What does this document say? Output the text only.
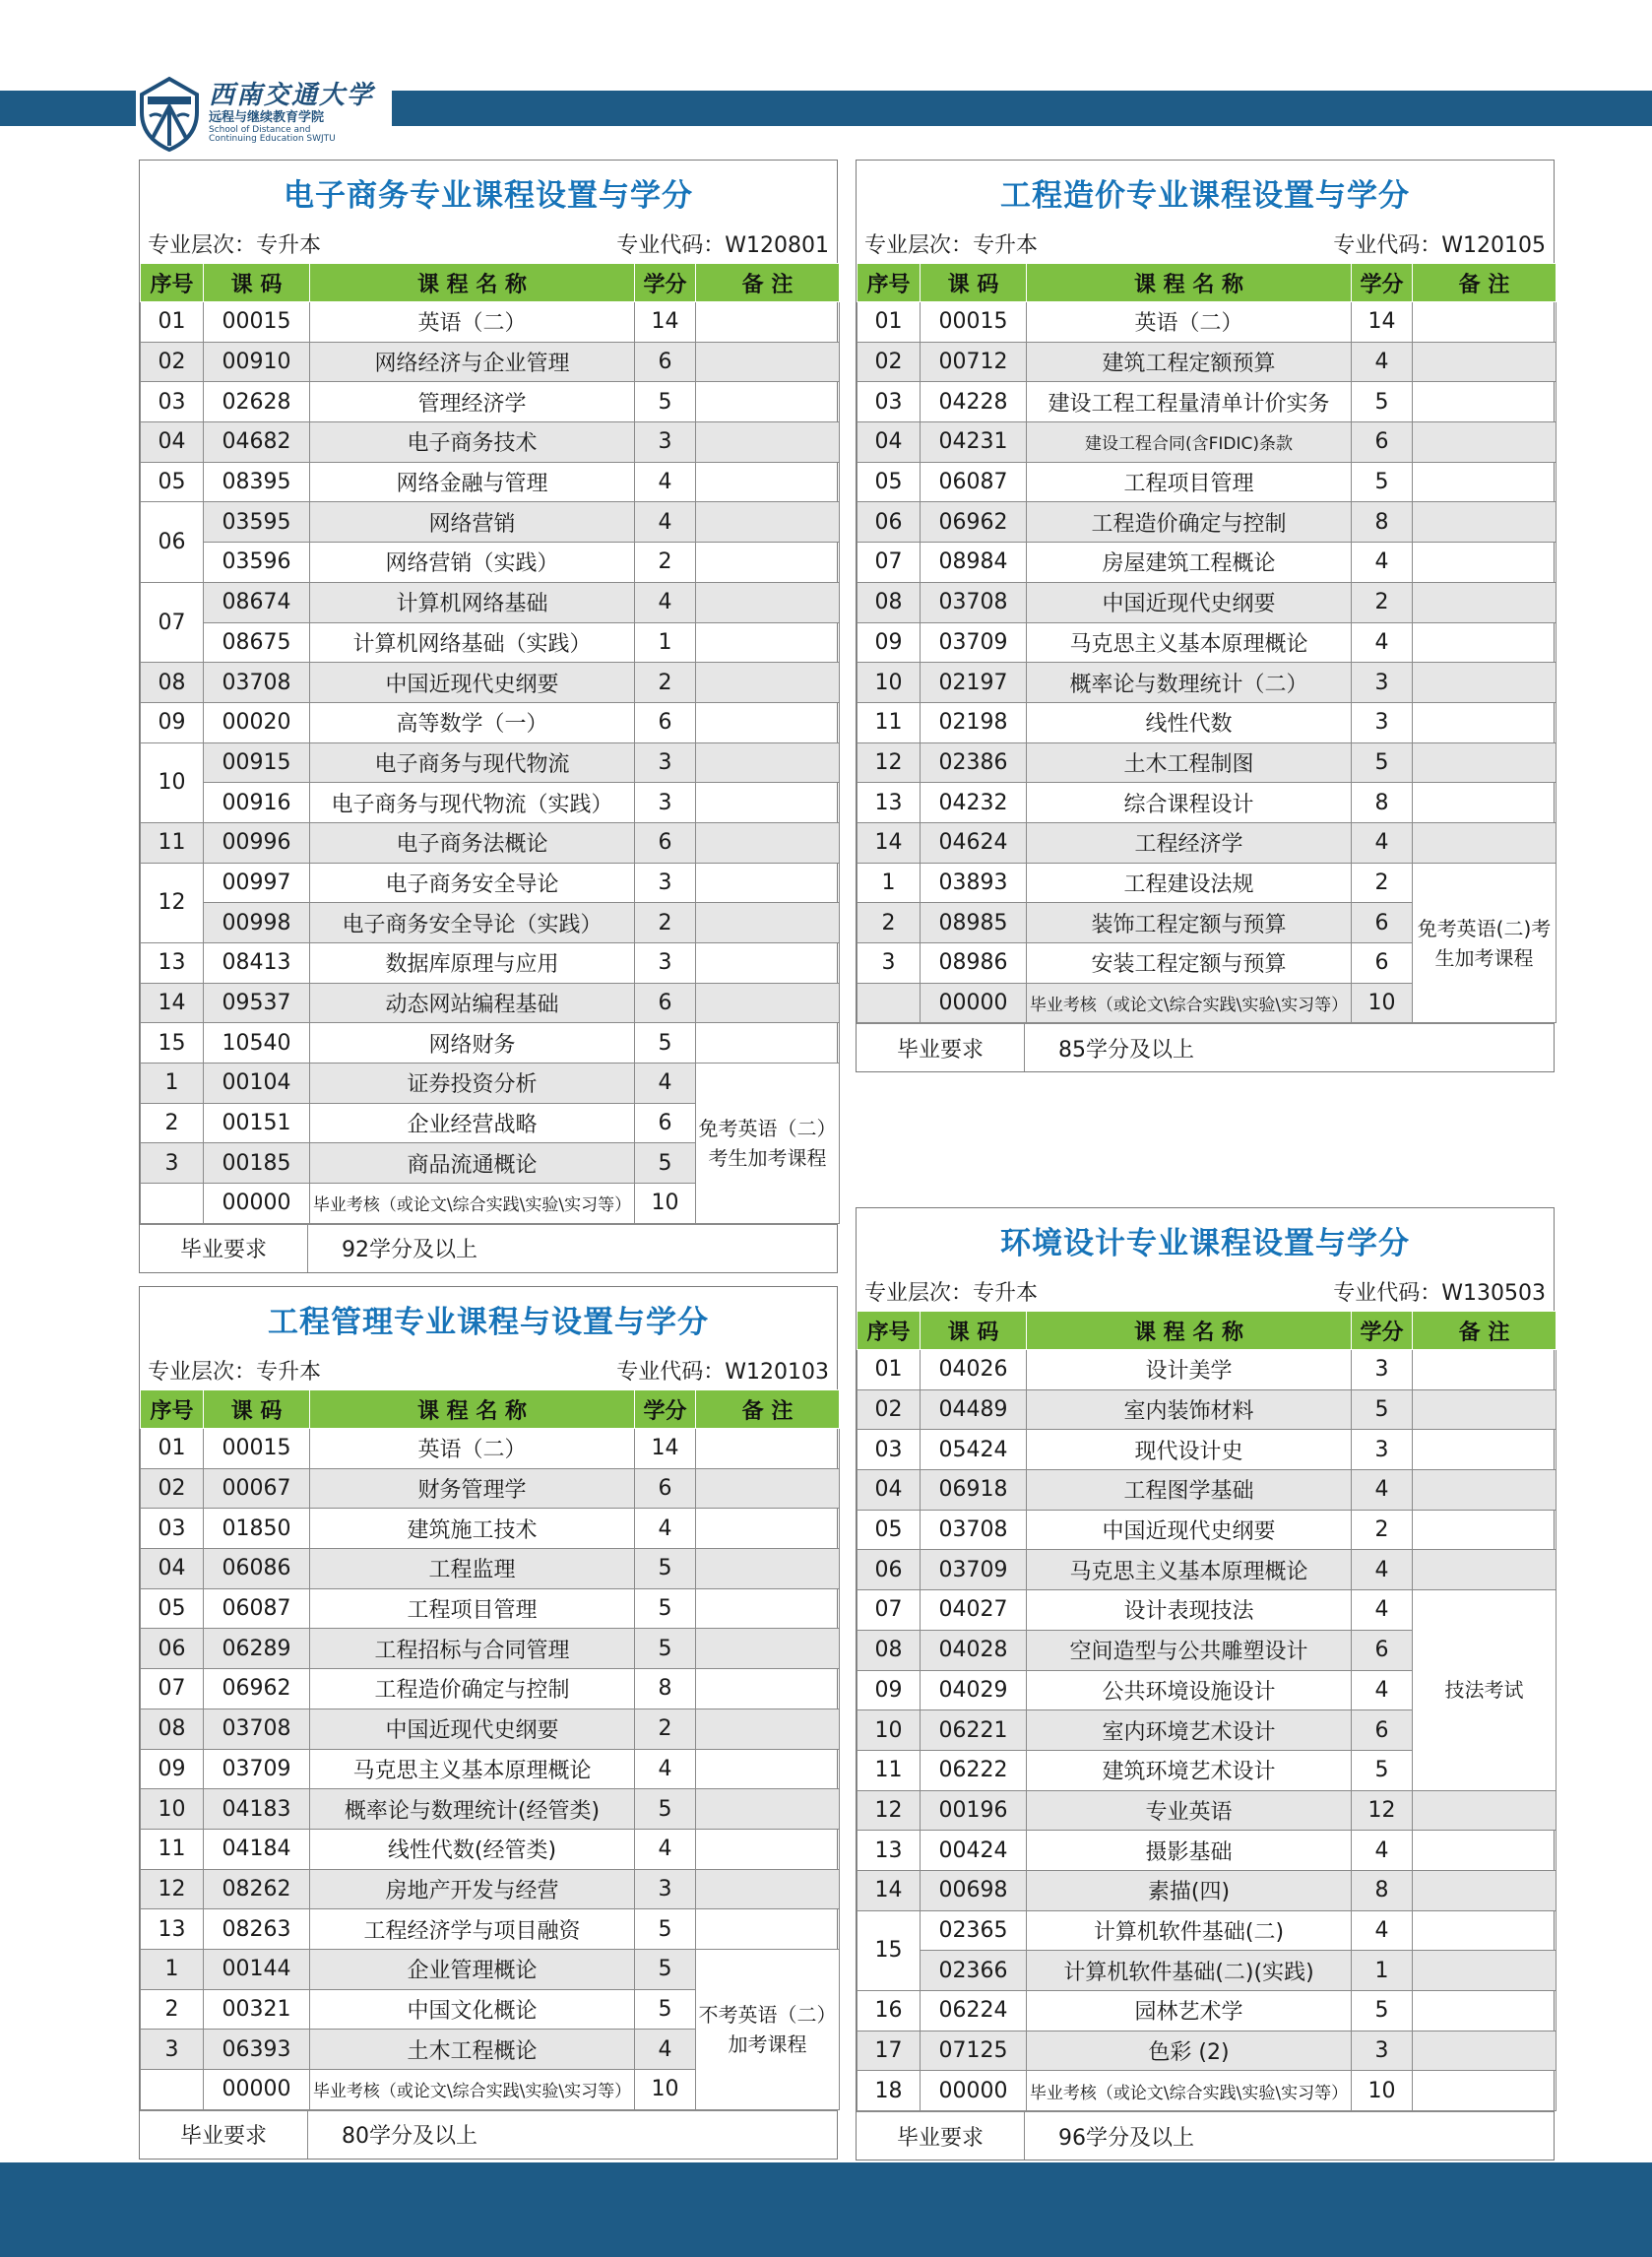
西南交通大学
远程与继续教育学院
School of Distance and
Continuing Education SWJTU
电子商务专业课程设置与学分
专业层次：专升本	专业代码：W120801
序号	课 码	课 程 名 称	学分	备 注
01	00015	英语（二）	14	
02	00910	网络经济与企业管理	6	
03	02628	管理经济学	5	
04	04682	电子商务技术	3	
05	08395	网络金融与管理	4	
06	03595	网络营销	4	
	03596	网络营销（实践）	2	
07	08674	计算机网络基础	4	
	08675	计算机网络基础（实践）	1	
08	03708	中国近现代史纲要	2	
09	00020	高等数学（一）	6	
10	00915	电子商务与现代物流	3	
	00916	电子商务与现代物流（实践）	3	
11	00996	电子商务法概论	6	
12	00997	电子商务安全导论	3	
	00998	电子商务安全导论（实践）	2	
13	08413	数据库原理与应用	3	
14	09537	动态网站编程基础	6	
15	10540	网络财务	5	
1	00104	证券投资分析	4	免考英语（二）考生加考课程
2	00151	企业经营战略	6	
3	00185	商品流通概论	5	
	00000	毕业考核（或论文\综合实践\实验\实习等）	10	
毕业要求	92学分及以上
工程造价专业课程设置与学分
专业层次：专升本	专业代码：W120105
序号	课 码	课 程 名 称	学分	备 注
01	00015	英语（二）	14	
02	00712	建筑工程定额预算	4	
03	04228	建设工程工程量清单计价实务	5	
04	04231	建设工程合同(含FIDIC)条款	6	
05	06087	工程项目管理	5	
06	06962	工程造价确定与控制	8	
07	08984	房屋建筑工程概论	4	
08	03708	中国近现代史纲要	2	
09	03709	马克思主义基本原理概论	4	
10	02197	概率论与数理统计（二）	3	
11	02198	线性代数	3	
12	02386	土木工程制图	5	
13	04232	综合课程设计	8	
14	04624	工程经济学	4	
1	03893	工程建设法规	2	免考英语(二)考生加考课程
2	08985	装饰工程定额与预算	6	
3	08986	安装工程定额与预算	6	
	00000	毕业考核（或论文\综合实践\实验\实习等）	10	
毕业要求	85学分及以上
工程管理专业课程与设置与学分
专业层次：专升本	专业代码：W120103
序号	课 码	课 程 名 称	学分	备 注
01	00015	英语（二）	14	
02	00067	财务管理学	6	
03	01850	建筑施工技术	4	
04	06086	工程监理	5	
05	06087	工程项目管理	5	
06	06289	工程招标与合同管理	5	
07	06962	工程造价确定与控制	8	
08	03708	中国近现代史纲要	2	
09	03709	马克思主义基本原理概论	4	
10	04183	概率论与数理统计(经管类)	5	
11	04184	线性代数(经管类)	4	
12	08262	房地产开发与经营	3	
13	08263	工程经济学与项目融资	5	
1	00144	企业管理概论	5	不考英语（二）加考课程
2	00321	中国文化概论	5	
3	06393	土木工程概论	4	
	00000	毕业考核（或论文\综合实践\实验\实习等）	10	
毕业要求	80学分及以上
环境设计专业课程设置与学分
专业层次：专升本	专业代码：W130503
序号	课 码	课 程 名 称	学分	备 注
01	04026	设计美学	3	
02	04489	室内装饰材料	5	
03	05424	现代设计史	3	
04	06918	工程图学基础	4	
05	03708	中国近现代史纲要	2	
06	03709	马克思主义基本原理概论	4	
07	04027	设计表现技法	4	技法考试
08	04028	空间造型与公共雕塑设计	6	
09	04029	公共环境设施设计	4	
10	06221	室内环境艺术设计	6	
11	06222	建筑环境艺术设计	5	
12	00196	专业英语	12	
13	00424	摄影基础	4	
14	00698	素描(四)	8	
15	02365	计算机软件基础(二)	4	
	02366	计算机软件基础(二)(实践)	1	
16	06224	园林艺术学	5	
17	07125	色彩 (2)	3	
18	00000	毕业考核（或论文\综合实践\实验\实习等）	10	
毕业要求	96学分及以上
